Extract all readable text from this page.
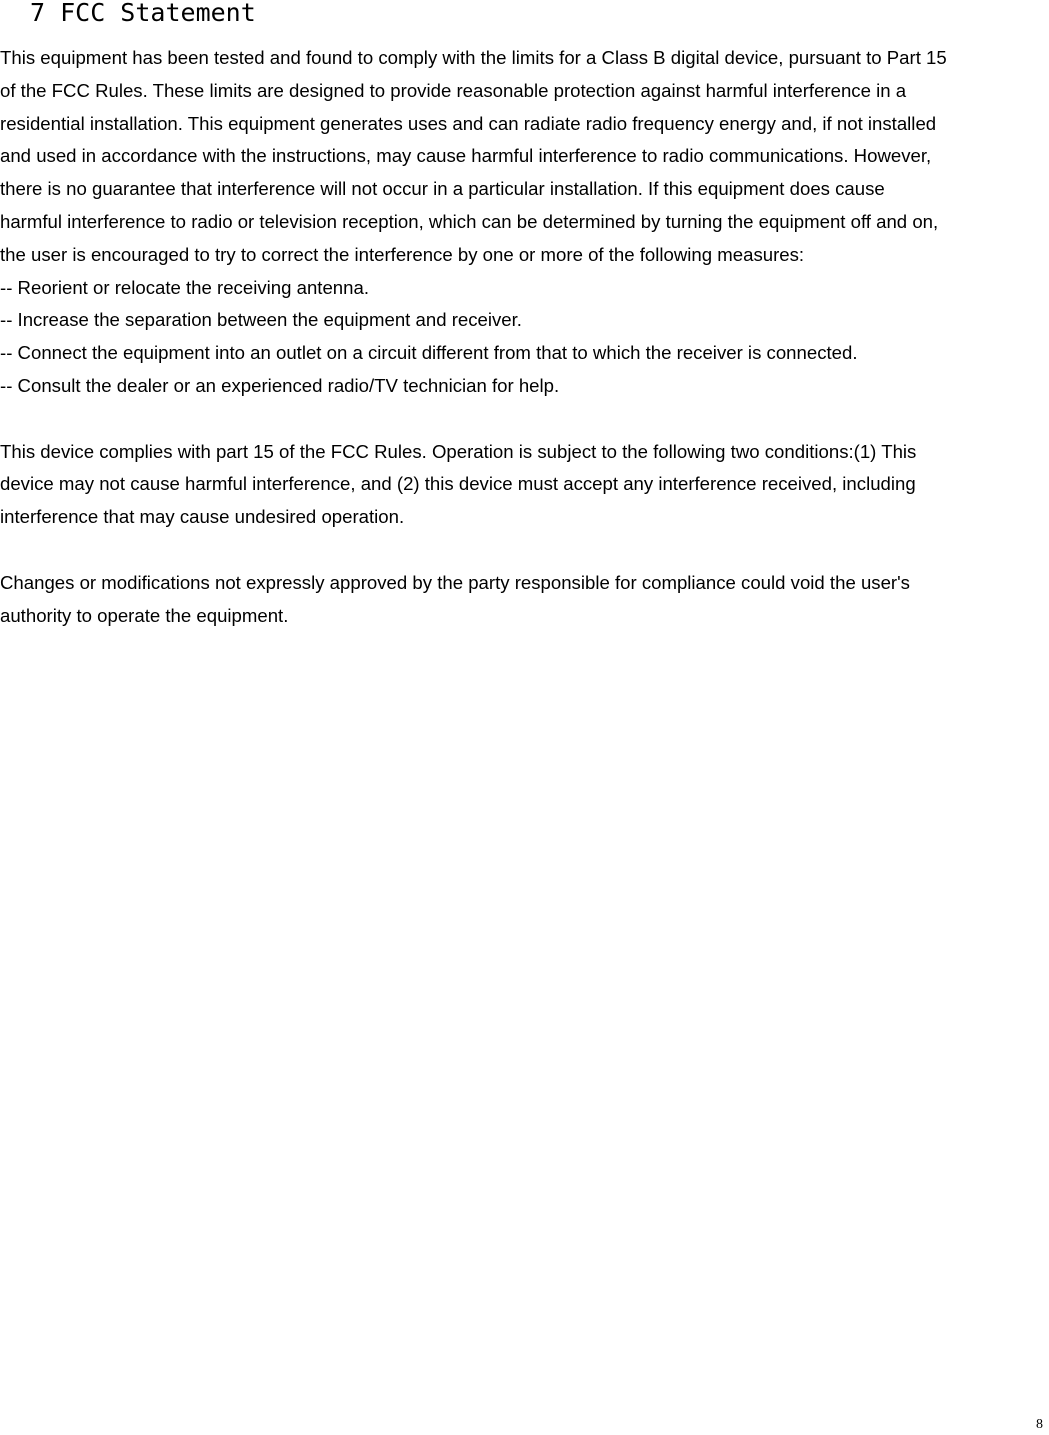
7 FCC Statement

This equipment has been tested and found to comply with the limits for a Class B digital device, pursuant to Part 15
of the FCC Rules. These limits are designed to provide reasonable protection against harmful interference in a
residential installation. This equipment generates uses and can radiate radio frequency energy and, if not installed
and used in accordance with the instructions, may cause harmful interference to radio communications. However,
there is no guarantee that interference will not occur in a particular installation. If this equipment does cause
harmful interference to radio or television reception, which can be determined by turning the equipment off and on,
the user is encouraged to try to correct the interference by one or more of the following measures:

-- Reorient or relocate the receiving antenna.
-- Increase the separation between the equipment and receiver.
-- Connect the equipment into an outlet on a circuit different from that to which the receiver is connected.
-- Consult the dealer or an experienced radio/TV technician for help.

This device complies with part 15 of the FCC Rules. Operation is subject to the following two conditions:(1) This
device may not cause harmful interference, and (2) this device must accept any interference received, including
interference that may cause undesired operation.

Changes or modifications not expressly approved by the party responsible for compliance could void the user's
authority to operate the equipment.

8
